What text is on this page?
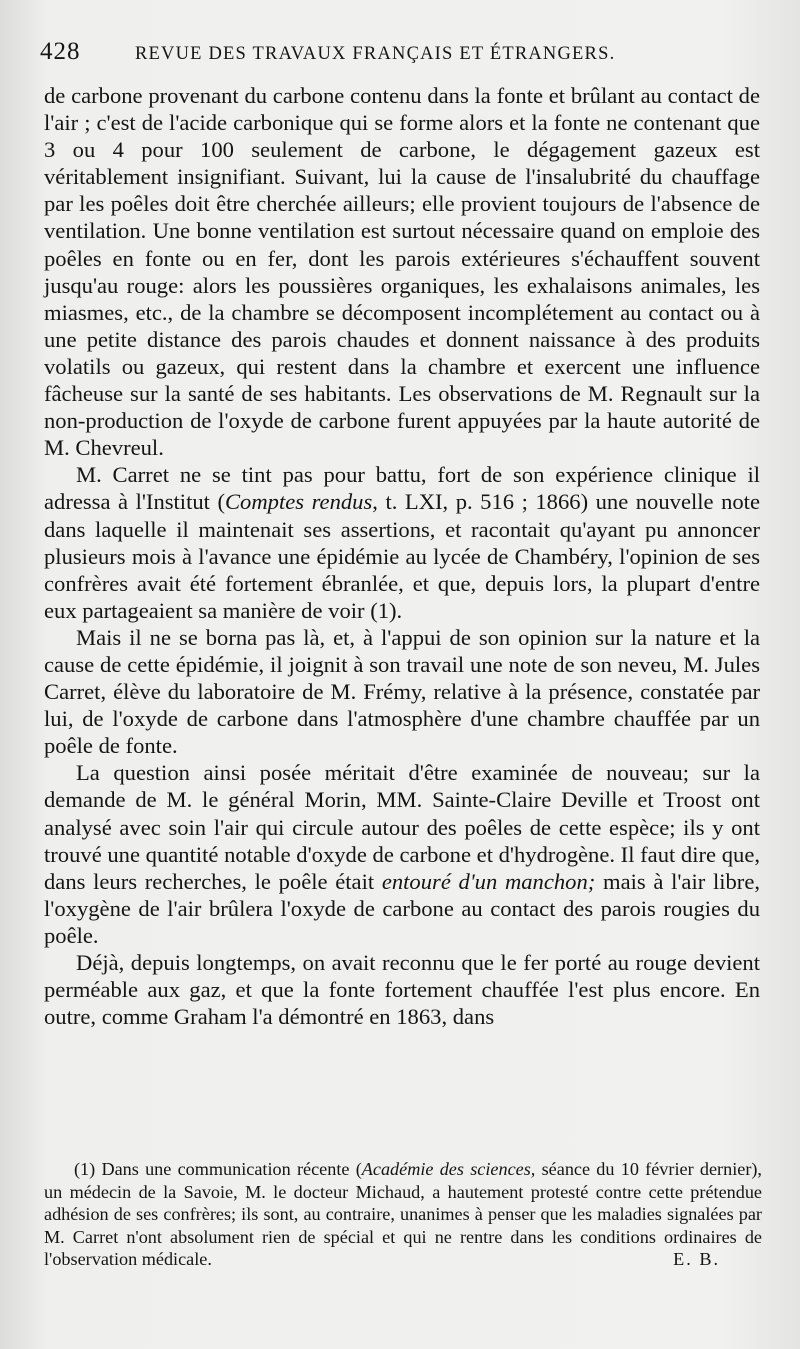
428	REVUE DES TRAVAUX FRANÇAIS ET ÉTRANGERS.

de carbone provenant du carbone contenu dans la fonte et brûlant au contact de l'air ; c'est de l'acide carbonique qui se forme alors et la fonte ne contenant que 3 ou 4 pour 100 seulement de carbone, le dégagement gazeux est véritablement insignifiant. Suivant, lui la cause de l'insalubrité du chauffage par les poêles doit être cherchée ailleurs; elle provient toujours de l'absence de ventilation. Une bonne ventilation est surtout nécessaire quand on emploie des poêles en fonte ou en fer, dont les parois extérieures s'échauffent souvent jusqu'au rouge: alors les poussières organiques, les exhalaisons animales, les miasmes, etc., de la chambre se décomposent incomplétement au contact ou à une petite distance des parois chaudes et donnent naissance à des produits volatils ou gazeux, qui restent dans la chambre et exercent une influence fâcheuse sur la santé de ses habitants. Les observations de M. Regnault sur la non-production de l'oxyde de carbone furent appuyées par la haute autorité de M. Chevreul.

M. Carret ne se tint pas pour battu, fort de son expérience clinique il adressa à l'Institut (Comptes rendus, t. LXI, p. 516 ; 1866) une nouvelle note dans laquelle il maintenait ses assertions, et racontait qu'ayant pu annoncer plusieurs mois à l'avance une épidémie au lycée de Chambéry, l'opinion de ses confrères avait été fortement ébranlée, et que, depuis lors, la plupart d'entre eux partageaient sa manière de voir (1).

Mais il ne se borna pas là, et, à l'appui de son opinion sur la nature et la cause de cette épidémie, il joignit à son travail une note de son neveu, M. Jules Carret, élève du laboratoire de M. Frémy, relative à la présence, constatée par lui, de l'oxyde de carbone dans l'atmosphère d'une chambre chauffée par un poêle de fonte.

La question ainsi posée méritait d'être examinée de nouveau; sur la demande de M. le général Morin, MM. Sainte-Claire Deville et Troost ont analysé avec soin l'air qui circule autour des poêles de cette espèce; ils y ont trouvé une quantité notable d'oxyde de carbone et d'hydrogène. Il faut dire que, dans leurs recherches, le poêle était entouré d'un manchon; mais à l'air libre, l'oxygène de l'air brûlera l'oxyde de carbone au contact des parois rougies du poêle.

Déjà, depuis longtemps, on avait reconnu que le fer porté au rouge devient perméable aux gaz, et que la fonte fortement chauffée l'est plus encore. En outre, comme Graham l'a démontré en 1863, dans

(1) Dans une communication récente (Académie des sciences, séance du 10 février dernier), un médecin de la Savoie, M. le docteur Michaud, a hautement protesté contre cette prétendue adhésion de ses confrères; ils sont, au contraire, unanimes à penser que les maladies signalées par M. Carret n'ont absolument rien de spécial et qui ne rentre dans les conditions ordinaires de l'observation médicale.	E. B.
